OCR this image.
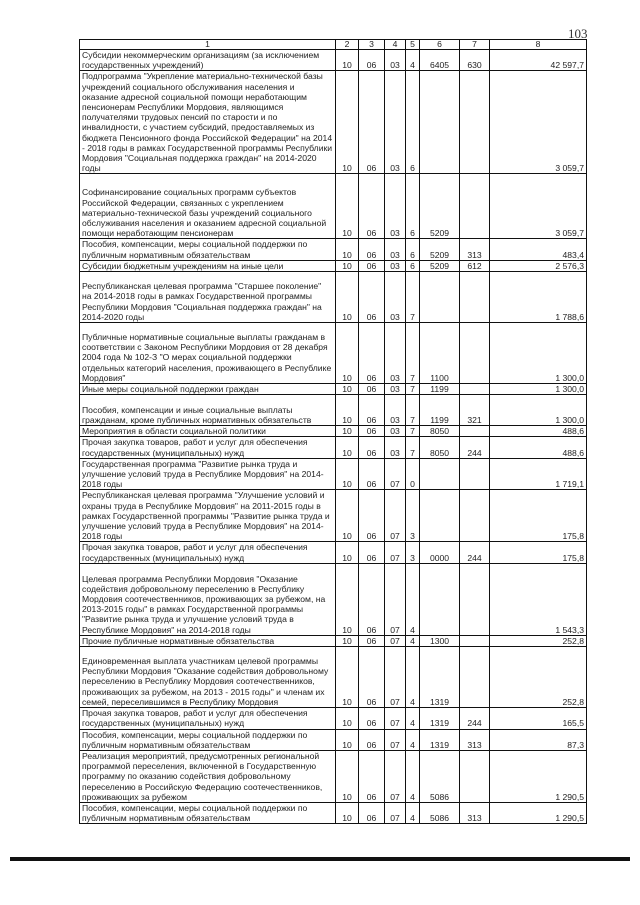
103
1	2	3	4	5	6	7	8
Субсидии некоммерческим организациям (за исключением государственных учреждений)	10	06	03	4	6405	630	42 597,7
Подпрограмма "Укрепление материально-технической базы учреждений социального обслуживания населения и оказание адресной социальной помощи неработающим пенсионерам Республики Мордовия, являющимся получателями трудовых пенсий по старости и по инвалидности, с участием субсидий, предоставляемых из бюджета Пенсионного фонда Российской Федерации" на 2014 - 2018 годы в рамках Государственной программы Республики Мордовия "Социальная поддержка граждан" на 2014-2020 годы	10	06	03	6			3 059,7
Софинансирование социальных программ субъектов Российской Федерации, связанных с укреплением материально-технической базы учреждений социального обслуживания населения и оказанием адресной социальной помощи неработающим пенсионерам	10	06	03	6	5209		3 059,7
Пособия, компенсации, меры социальной поддержки по публичным нормативным обязательствам	10	06	03	6	5209	313	483,4
Субсидии бюджетным учреждениям на иные цели	10	06	03	6	5209	612	2 576,3
Республиканская целевая программа "Старшее поколение" на 2014-2018 годы в рамках Государственной программы Республики Мордовия "Социальная поддержка граждан" на 2014-2020 годы	10	06	03	7			1 788,6
Публичные нормативные социальные выплаты гражданам в соответствии с Законом Республики Мордовия от 28 декабря 2004 года № 102-З "О мерах социальной поддержки отдельных категорий населения, проживающего в Республике Мордовия"	10	06	03	7	1100		1 300,0
Иные меры социальной поддержки граждан	10	06	03	7	1199		1 300,0
Пособия, компенсации и иные социальные выплаты гражданам, кроме публичных нормативных обязательств	10	06	03	7	1199	321	1 300,0
Мероприятия в области социальной политики	10	06	03	7	8050		488,6
Прочая закупка товаров, работ и услуг для обеспечения государственных (муниципальных) нужд	10	06	03	7	8050	244	488,6
Государственная программа "Развитие рынка труда и улучшение условий труда в Республике Мордовия" на 2014-2018 годы	10	06	07	0			1 719,1
Республиканская целевая программа "Улучшение условий и охраны труда в Республике Мордовия" на 2011-2015 годы в рамках Государственной программы "Развитие рынка труда и улучшение условий труда в Республике Мордовия" на 2014-2018 годы	10	06	07	3			175,8
Прочая закупка товаров, работ и услуг для обеспечения государственных (муниципальных) нужд	10	06	07	3	0000	244	175,8
Целевая программа Республики Мордовия "Оказание содействия добровольному переселению в Республику Мордовия соотечественников, проживающих за рубежом, на 2013-2015 годы" в рамках Государственной программы "Развитие рынка труда и улучшение условий труда в Республике Мордовия" на 2014-2018 годы	10	06	07	4			1 543,3
Прочие публичные нормативные обязательства	10	06	07	4	1300		252,8
Единовременная выплата участникам целевой программы Республики Мордовия "Оказание содействия добровольному переселению в Республику Мордовия соотечественников, проживающих за рубежом, на 2013 - 2015 годы" и членам их семей, переселившимся в Республику Мордовия	10	06	07	4	1319		252,8
Прочая закупка товаров, работ и услуг для обеспечения государственных (муниципальных) нужд	10	06	07	4	1319	244	165,5
Пособия, компенсации, меры социальной поддержки по публичным нормативным обязательствам	10	06	07	4	1319	313	87,3
Реализация мероприятий, предусмотренных региональной программой переселения, включенной в Государственную программу по оказанию содействия добровольному переселению в Российскую Федерацию соотечественников, проживающих за рубежом	10	06	07	4	5086		1 290,5
Пособия, компенсации, меры социальной поддержки по публичным нормативным обязательствам	10	06	07	4	5086	313	1 290,5
